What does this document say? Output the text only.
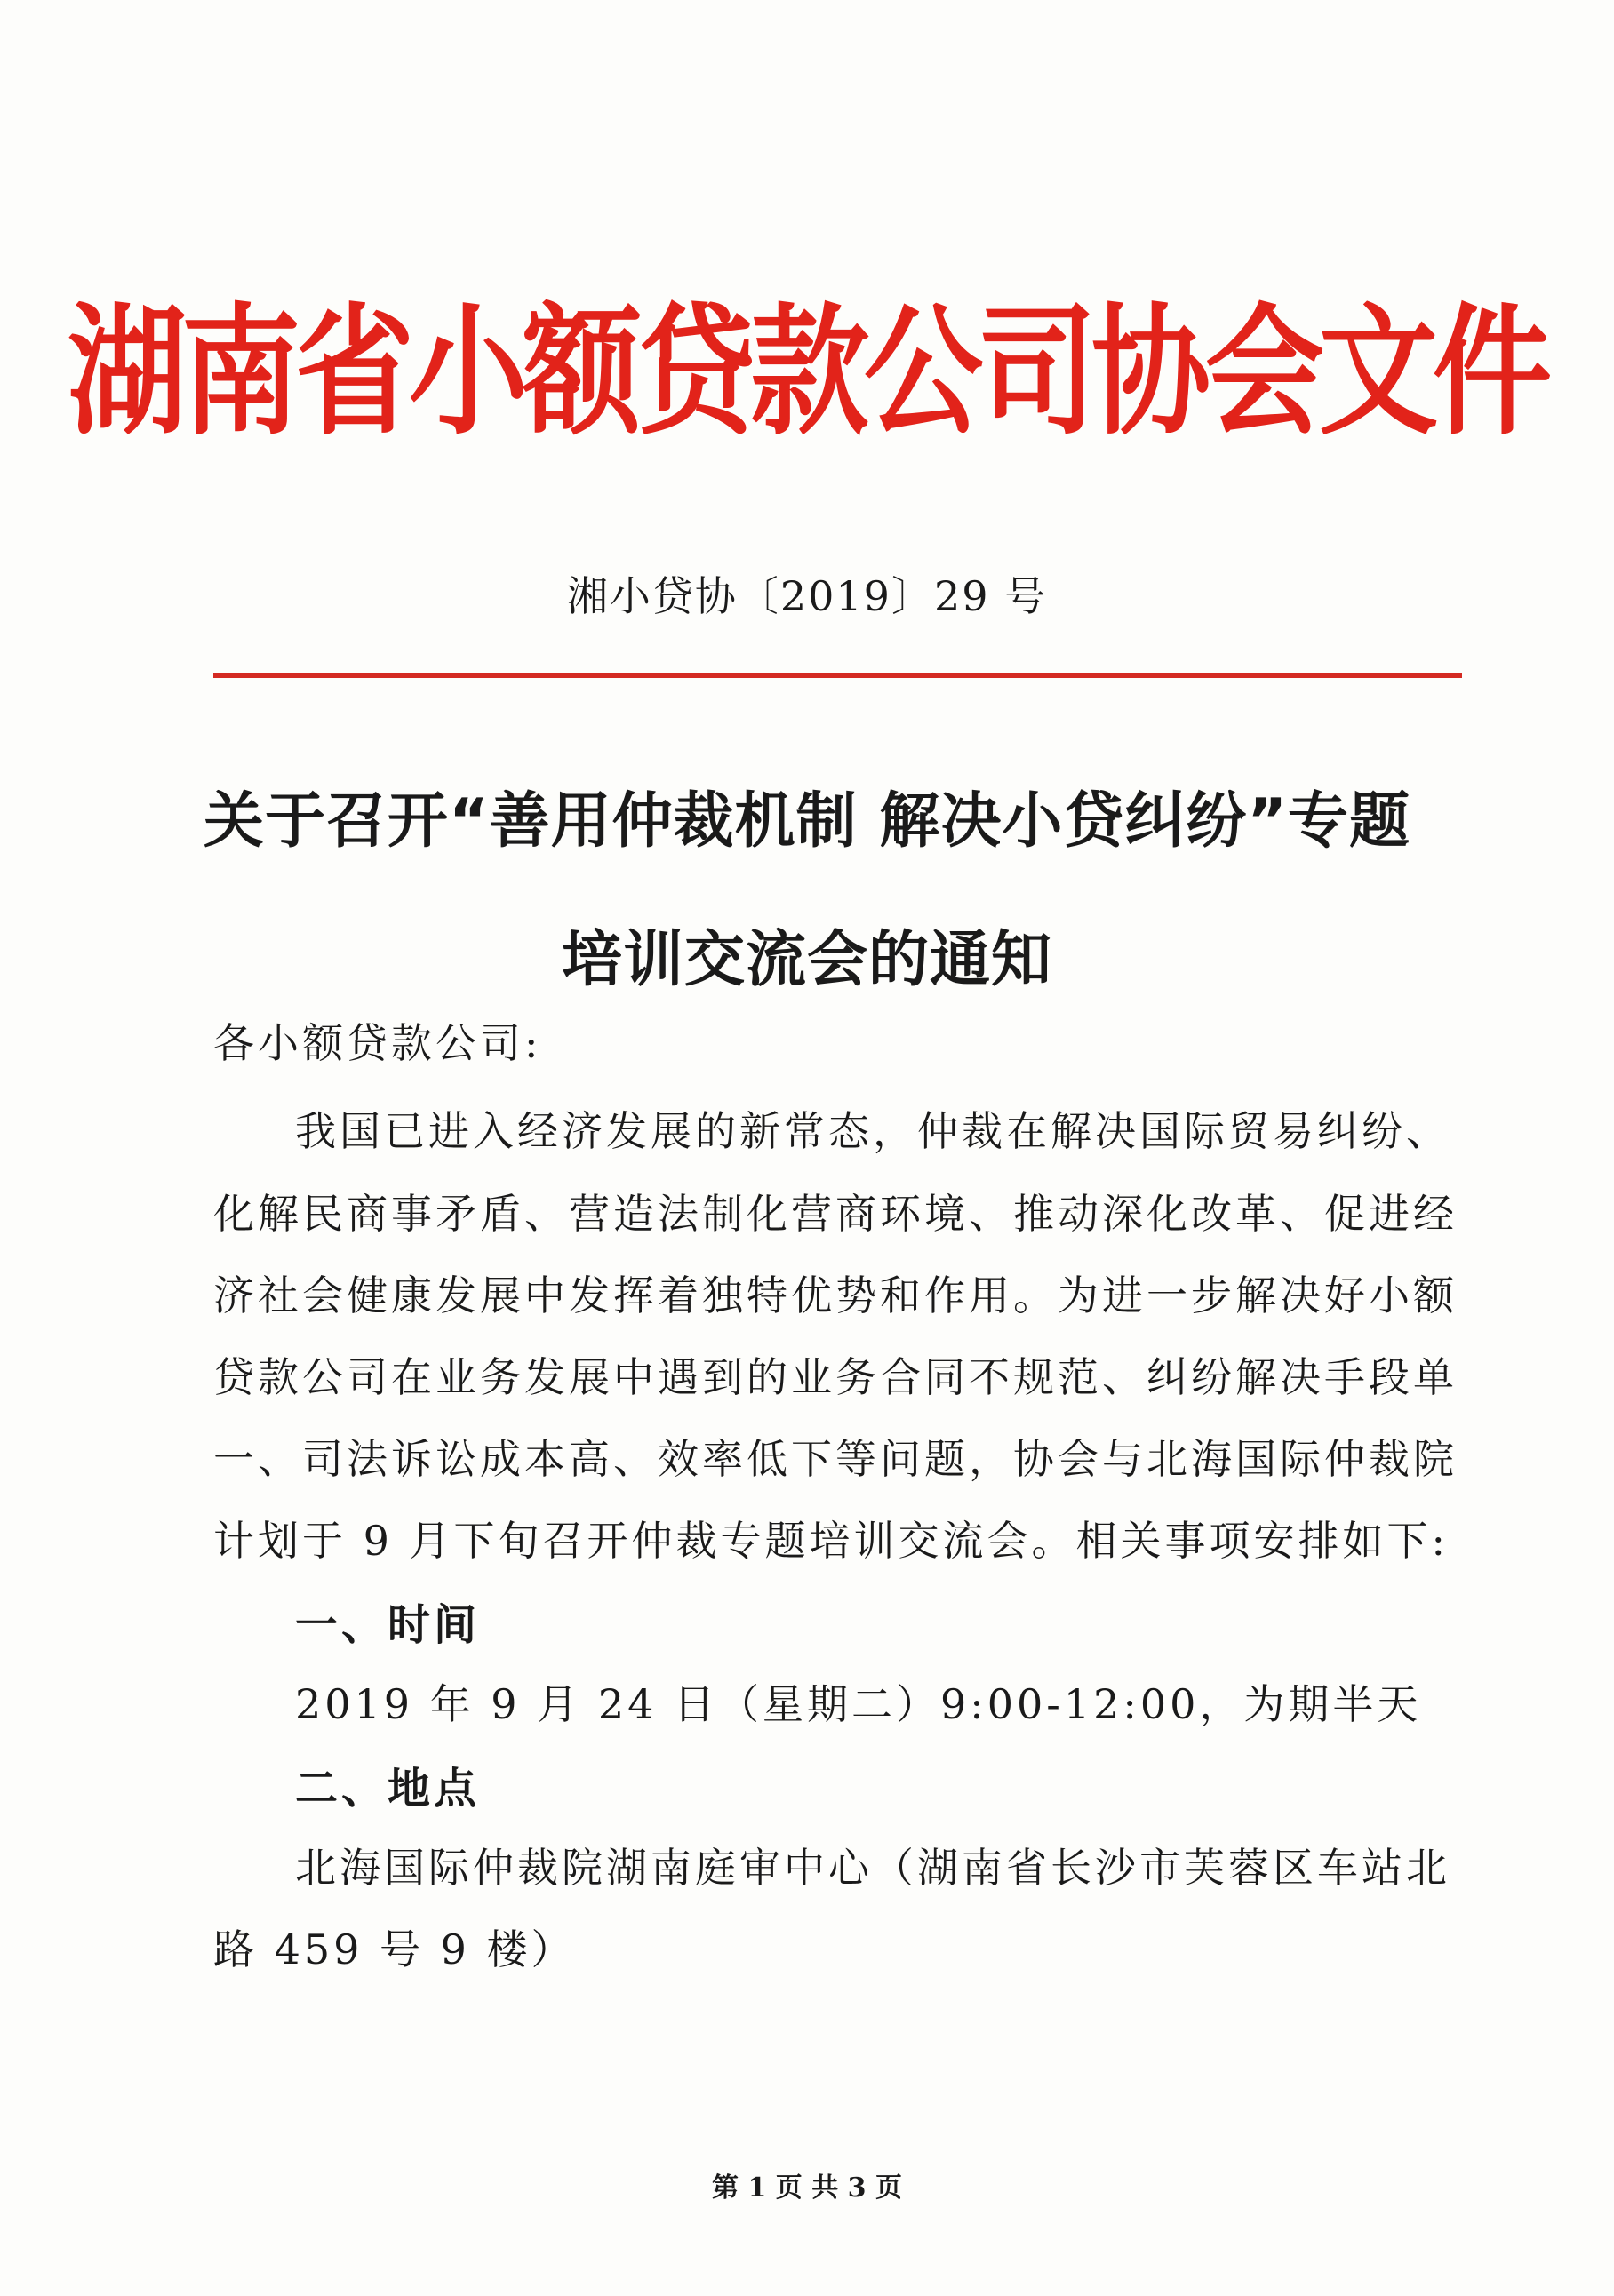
湖南省小额贷款公司协会文件
湘小贷协〔2019〕29 号
关于召开“善用仲裁机制 解决小贷纠纷”专题
培训交流会的通知
各小额贷款公司:
我国已进入经济发展的新常态，仲裁在解决国际贸易纠纷、
化解民商事矛盾、营造法制化营商环境、推动深化改革、促进经
济社会健康发展中发挥着独特优势和作用。为进一步解决好小额
贷款公司在业务发展中遇到的业务合同不规范、纠纷解决手段单
一、司法诉讼成本高、效率低下等问题，协会与北海国际仲裁院
计划于 9 月下旬召开仲裁专题培训交流会。相关事项安排如下:
一、时间
2019 年 9 月 24 日（星期二）9:00-12:00，为期半天
二、地点
北海国际仲裁院湖南庭审中心（湖南省长沙市芙蓉区车站北
路 459 号 9 楼）
第 1 页 共 3 页
